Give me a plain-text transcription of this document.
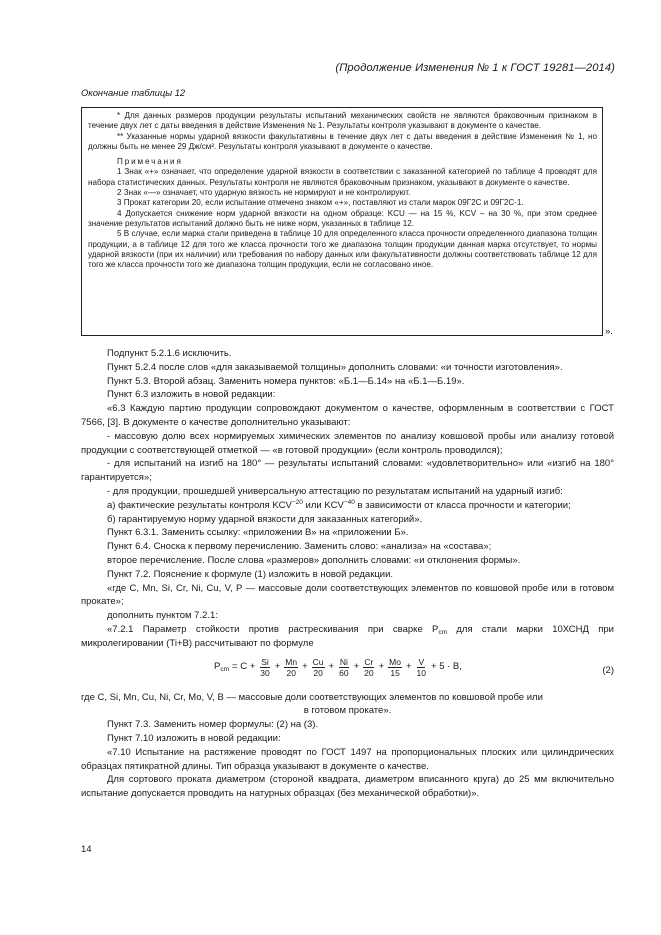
(Продолжение Изменения № 1 к ГОСТ 19281—2014)
Окончание таблицы 12

* Для данных размеров продукции результаты испытаний механических свойств не являются браковочным признаком в течение двух лет с даты введения в действие Изменения № 1. Результаты контроля указывают в документе о качестве.

** Указанные нормы ударной вязкости факультативны в течение двух лет с даты введения в действие Изменения № 1, но должны быть не менее 29 Дж/см². Результаты контроля указывают в документе о качестве.

Примечания

1 Знак «+» означает, что определение ударной вязкости в соответствии с заказанной категорией по таблице 4 проводят для набора статистических данных. Результаты контроля не являются браковочным признаком, указывают в документе о качестве.

2 Знак «—» означает, что ударную вязкость не нормируют и не контролируют.

3 Прокат категории 20, если испытание отмечено знаком «+», поставляют из стали марок 09Г2С и 09Г2С-1.

4 Допускается снижение норм ударной вязкости на одном образце: KCU — на 15 %, KCV – на 30 %, при этом среднее значение результатов испытаний должно быть не ниже норм, указанных в таблице 12.

5 В случае, если марка стали приведена в таблице 10 для определенного класса прочности определенного диапазона толщин продукции, а в таблице 12 для того же класса прочности того же диапазона толщин продукции данная марка отсутствует, то нормы ударной вязкости (при их наличии) или требования по набору данных или факультативности должны соответствовать таблице 12 для того же класса прочности того же диапазона толщин продукции, если не согласовано иное.

».

Подпункт 5.2.1.6 исключить.

Пункт 5.2.4 после слов «для заказываемой толщины» дополнить словами: «и точности изготовления».

Пункт 5.3. Второй абзац. Заменить номера пунктов: «Б.1—Б.14» на «Б.1—Б.19».

Пункт 6.3 изложить в новой редакции:

«6.3 Каждую партию продукции сопровождают документом о качестве, оформленным в соответствии с ГОСТ 7566, [3]. В документе о качестве дополнительно указывают:

- массовую долю всех нормируемых химических элементов по анализу ковшовой пробы или анализу готовой продукции с соответствующей отметкой — «в готовой продукции» (если контроль проводился);

- для испытаний на изгиб на 180° — результаты испытаний словами: «удовлетворительно» или «изгиб на 180° гарантируется»;

- для продукции, прошедшей универсальную аттестацию по результатам испытаний на ударный изгиб:

а) фактические результаты контроля $KCV^{-20}$ или $KCV^{-40}$ в зависимости от класса прочности и категории;

б) гарантируемую норму ударной вязкости для заказанных категорий».

Пункт 6.3.1. Заменить ссылку: «приложении В» на «приложении Б».

Пункт 6.4. Сноска к первому перечислению. Заменить слово: «анализа» на «состава»;

второе перечисление. После слова «размеров» дополнить словами: «и отклонения формы».

Пункт 7.2. Пояснение к формуле (1) изложить в новой редакции.

«где C, Mn, Si, Cr, Ni, Cu, V, P — массовые доли соответствующих элементов по ковшовой пробе или в готовом прокате»;

дополнить пунктом 7.2.1:

«7.2.1 Параметр стойкости против растрескивания при сварке $P_{cm}$ для стали марки 10ХСНД при микролегировании (Ti+B) рассчитывают по формуле

$P_{cm} = C + \frac{Si}{30} + \frac{Mn}{20} + \frac{Cu}{20} + \frac{Ni}{60} + \frac{Cr}{20} + \frac{Mo}{15} + \frac{V}{10} + 5 \cdot B$,	(2)

где C, Si, Mn, Cu, Ni, Cr, Mo, V, B — массовые доли соответствующих элементов по ковшовой пробе или

в готовом прокате».

Пункт 7.3. Заменить номер формулы: (2) на (3).

Пункт 7.10 изложить в новой редакции:

«7.10 Испытание на растяжение проводят по ГОСТ 1497 на пропорциональных плоских или цилиндрических образцах пятикратной длины. Тип образца указывают в документе о качестве.

Для сортового проката диаметром (стороной квадрата, диаметром вписанного круга) до 25 мм включительно испытание допускается проводить на натурных образцах (без механической обработки)».

14
